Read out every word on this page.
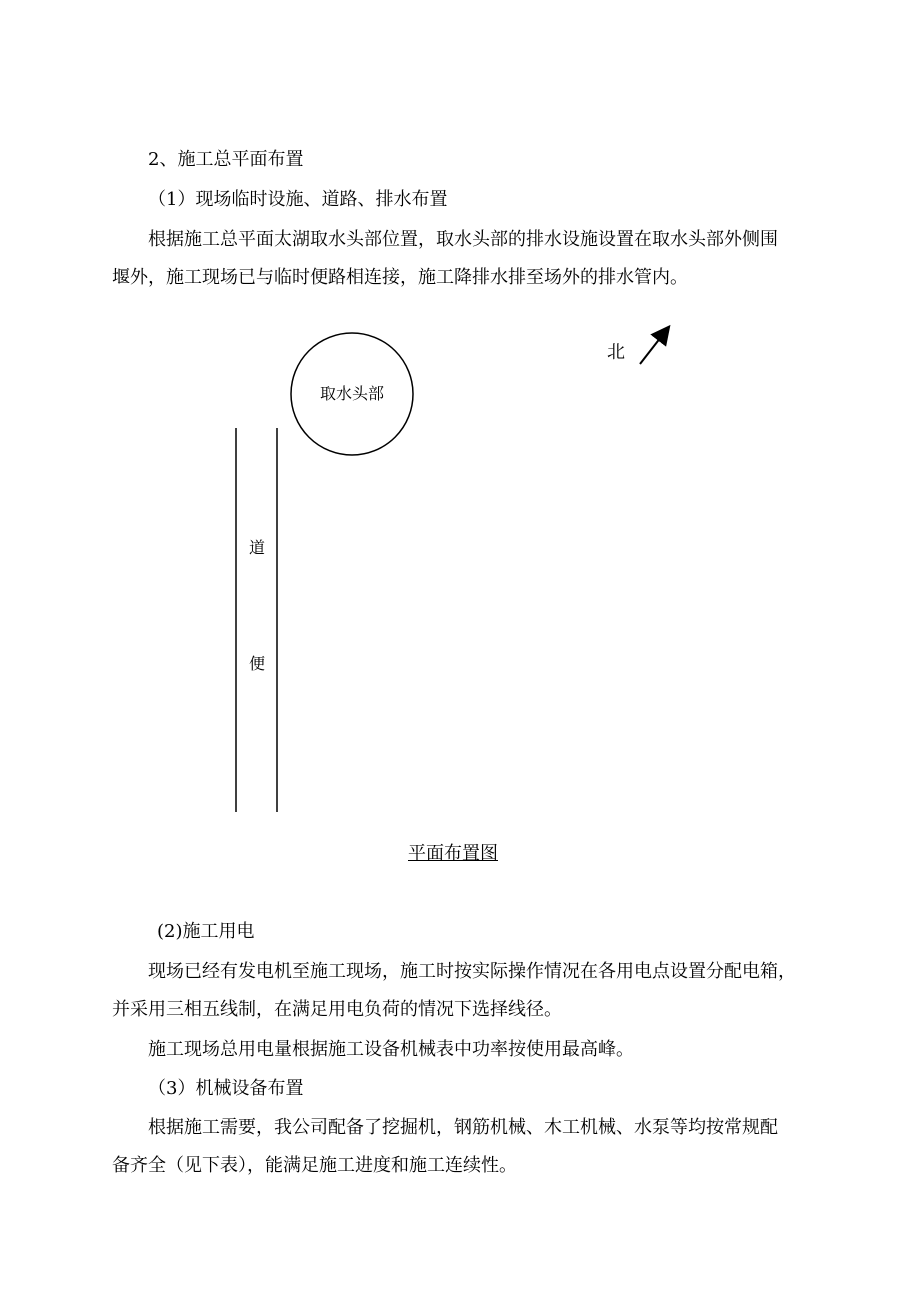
2、施工总平面布置
（1）现场临时设施、道路、排水布置
根据施工总平面太湖取水头部位置，取水头部的排水设施设置在取水头部外侧围
堰外，施工现场已与临时便路相连接，施工降排水排至场外的排水管内。
北
取水头部
道
便
平面布置图
(2)施工用电
现场已经有发电机至施工现场，施工时按实际操作情况在各用电点设置分配电箱，
并采用三相五线制，在满足用电负荷的情况下选择线径。
施工现场总用电量根据施工设备机械表中功率按使用最高峰。
（3）机械设备布置
根据施工需要，我公司配备了挖掘机，钢筋机械、木工机械、水泵等均按常规配
备齐全（见下表），能满足施工进度和施工连续性。
